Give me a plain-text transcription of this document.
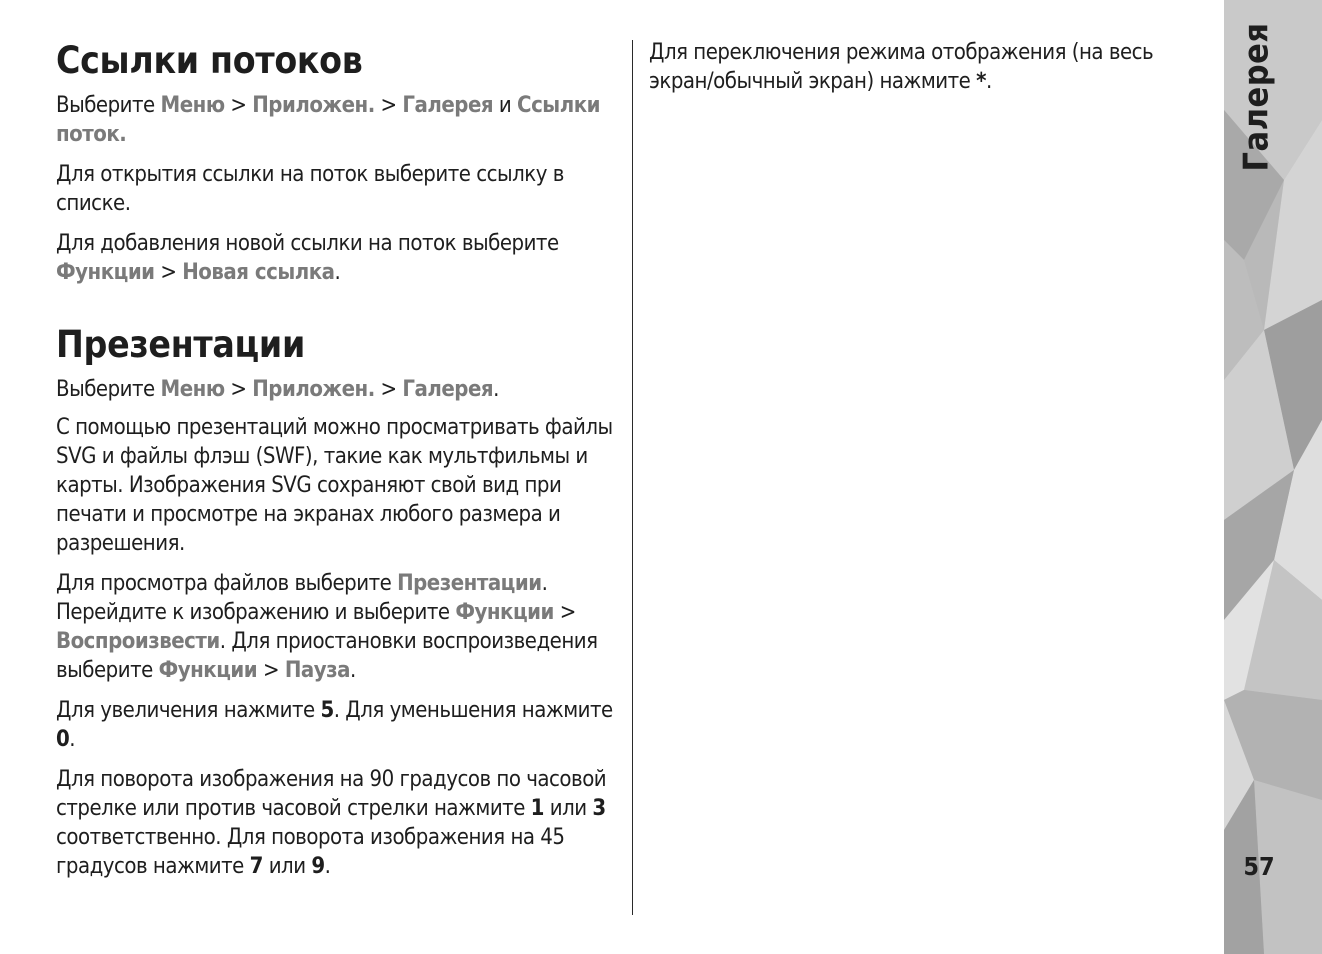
Ссылки потоков

Выберите Меню > Приложен. > Галерея и Ссылки поток.

Для открытия ссылки на поток выберите ссылку в списке.

Для добавления новой ссылки на поток выберите Функции > Новая ссылка.

Презентации

Выберите Меню > Приложен. > Галерея.

С помощью презентаций можно просматривать файлы SVG и файлы флэш (SWF), такие как мультфильмы и карты. Изображения SVG сохраняют свой вид при печати и просмотре на экранах любого размера и разрешения.

Для просмотра файлов выберите Презентации. Перейдите к изображению и выберите Функции > Воспроизвести. Для приостановки воспроизведения выберите Функции > Пауза.

Для увеличения нажмите 5. Для уменьшения нажмите 0.

Для поворота изображения на 90 градусов по часовой стрелке или против часовой стрелки нажмите 1 или 3 соответственно. Для поворота изображения на 45 градусов нажмите 7 или 9.

Для переключения режима отображения (на весь экран/обычный экран) нажмите *.	Галерея
57
